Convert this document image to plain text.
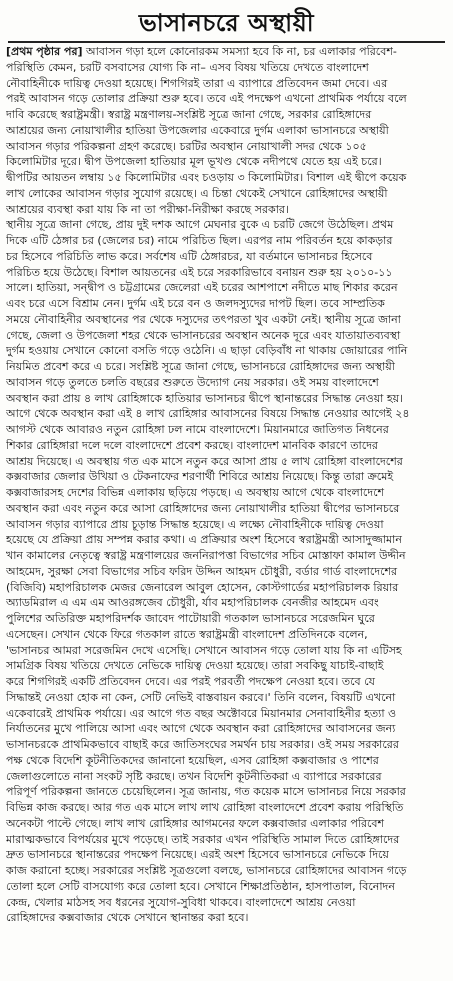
ভাসানচরে অস্থায়ী
[প্রথম পৃষ্ঠার পর] আবাসন গড়া হলে কোনোরকম সমস্যা হবে কি না, চর এলাকার পরিবেশ-
পরিস্থিতি কেমন, চরটি বসবাসের যোগ্য কি না– এসব বিষয় খতিয়ে দেখতে বাংলাদেশ
নৌবাহিনীকে দায়িত্ব দেওয়া হয়েছে। শিগগিরই তারা এ ব্যাপারে প্রতিবেদন জমা দেবে। এর
পরই আবাসন গড়ে তোলার প্রক্রিয়া শুরু হবে। তবে এই পদক্ষেপ এখনো প্রাথমিক পর্যায়ে বলে
দাবি করেছে স্বরাষ্ট্রমন্ত্রী। স্বরাষ্ট্র মন্ত্রণালয়-সংশ্লিষ্ট সূত্রে জানা গেছে, সরকার রোহিঙ্গাদের
আশ্রয়ের জন্য নোয়াখালীর হাতিয়া উপজেলার একেবারে দুর্গম এলাকা ভাসানচরে অস্থায়ী
আবাসন গড়ার পরিকল্পনা গ্রহণ করেছে। চরটির অবস্থান নোয়াখালী সদর থেকে ১০৫
কিলোমিটার দূরে। দ্বীপ উপজেলা হাতিয়ার মূল ভূখণ্ড থেকে নদীপথে যেতে হয় এই চরে।
দ্বীপটির আয়তন লম্বায় ১৫ কিলোমিটার এবং চওড়ায় ৩ কিলোমিটার। বিশাল এই দ্বীপে কয়েক
লাখ লোকের আবাসন গড়ার সুযোগ রয়েছে। এ চিন্তা থেকেই সেখানে রোহিঙ্গাদের অস্থায়ী
আশ্রয়ের ব্যবস্থা করা যায় কি না তা পরীক্ষা-নিরীক্ষা করছে সরকার।
স্থানীয় সূত্রে জানা গেছে, প্রায় দুই দশক আগে মেঘনার বুকে এ চরটি জেগে উঠেছিল। প্রথম
দিকে এটি ঠেঙ্গার চর (জেলের চর) নামে পরিচিত ছিল। এরপর নাম পরিবর্তন হয়ে কাকড়ার
চর হিসেবে পরিচিতি লাভ করে। সর্বশেষ এটি ঠেঙ্গারচর, যা বর্তমানে ভাসানচর হিসেবে
পরিচিত হয়ে উঠেছে। বিশাল আয়তনের এই চরে সরকারিভাবে বনায়ন শুরু হয় ২০১০-১১
সালে। হাতিয়া, সন্দ্বীপ ও চট্টগ্রামের জেলেরা এই চরের আশপাশে নদীতে মাছ শিকার করেন
এবং চরে এসে বিশ্রাম নেন। দুর্গম এই চরে বন ও জলদস্যুদের দাপট ছিল। তবে সাম্প্রতিক
সময়ে নৌবাহিনীর অবস্থানের পর থেকে দস্যুদের তৎপরতা খুব একটা নেই। স্থানীয় সূত্রে জানা
গেছে, জেলা ও উপজেলা শহর থেকে ভাসানচরের অবস্থান অনেক দূরে এবং যাতায়াতব্যবস্থা
দুর্গম হওয়ায় সেখানে কোনো বসতি গড়ে ওঠেনি। এ ছাড়া বেড়িবাঁধ না থাকায় জোয়ারের পানি
নিয়মিত প্রবেশ করে এ চরে। সংশ্লিষ্ট সূত্রে জানা গেছে, ভাসানচরে রোহিঙ্গাদের জন্য অস্থায়ী
আবাসন গড়ে তুলতে চলতি বছরের শুরুতে উদ্যোগ নেয় সরকার। ওই সময় বাংলাদেশে
অবস্থান করা প্রায় ৪ লাখ রোহিঙ্গাকে হাতিয়ার ভাসানচর দ্বীপে স্থানান্তরের সিদ্ধান্ত নেওয়া হয়।
আগে থেকে অবস্থান করা এই ৪ লাখ রোহিঙ্গার আবাসনের বিষয়ে সিদ্ধান্ত নেওয়ার আগেই ২৪
আগস্ট থেকে আবারও নতুন রোহিঙ্গা ঢল নামে বাংলাদেশে। মিয়ানমারে জাতিগত নিধনের
শিকার রোহিঙ্গারা দলে দলে বাংলাদেশে প্রবেশ করছে। বাংলাদেশ মানবিক কারণে তাদের
আশ্রয় দিয়েছে। এ অবস্থায় গত এক মাসে নতুন করে আসা প্রায় ৫ লাখ রোহিঙ্গা বাংলাদেশের
কক্সবাজার জেলার উখিয়া ও টেকনাফের শরণার্থী শিবিরে আশ্রয় নিয়েছে। কিন্তু তারা ক্রমেই
কক্সবাজারসহ দেশের বিভিন্ন এলাকায় ছড়িয়ে পড়ছে। এ অবস্থায় আগে থেকে বাংলাদেশে
অবস্থান করা এবং নতুন করে আসা রোহিঙ্গাদের জন্য নোয়াখালীর হাতিয়া দ্বীপের ভাসানচরে
আবাসন গড়ার ব্যাপারে প্রায় চূড়ান্ত সিদ্ধান্ত হয়েছে। এ লক্ষ্যে নৌবাহিনীকে দায়িত্ব দেওয়া
হয়েছে যে প্রক্রিয়া প্রায় সম্পন্ন করার কথা। এ প্রক্রিয়ার অংশ হিসেবে স্বরাষ্ট্রমন্ত্রী আসাদুজ্জামান
খান কামালের নেতৃত্বে স্বরাষ্ট্র মন্ত্রণালয়ের জননিরাপত্তা বিভাগের সচিব মোস্তাফা কামাল উদ্দীন
আহমেদ, সুরক্ষা সেবা বিভাগের সচিব ফরিদ উদ্দিন আহমদ চৌধুরী, বর্ডার গার্ড বাংলাদেশের
(বিজিবি) মহাপরিচালক মেজর জেনারেল আবুল হোসেন, কোস্টগার্ডের মহাপরিচালক রিয়ার
অ্যাডমিরাল এ এম এম আওরঙ্গজেব চৌধুরী, র্যাব মহাপরিচালক বেনজীর আহমেদ এবং
পুলিশের অতিরিক্ত মহাপরিদর্শক জাবেদ পাটোয়ারী গতকাল ভাসানচরে সরেজমিন ঘুরে
এসেছেন। সেখান থেকে ফিরে গতকাল রাতে স্বরাষ্ট্রমন্ত্রী বাংলাদেশ প্রতিদিনকে বলেন,
'ভাসানচর আমরা সরেজমিন দেখে এসেছি। সেখানে আবাসন গড়ে তোলা যায় কি না এটিসহ
সামগ্রিক বিষয় খতিয়ে দেখতে নেভিকে দায়িত্ব দেওয়া হয়েছে। তারা সবকিছু যাচাই-বাছাই
করে শিগগিরই একটি প্রতিবেদন দেবে। এর পরই পরবর্তী পদক্ষেপ নেওয়া হবে। তবে যে
সিদ্ধান্তই নেওয়া হোক না কেন, সেটি নেভিই বাস্তবায়ন করবে।' তিনি বলেন, বিষয়টি এখনো
একেবারেই প্রাথমিক পর্যায়ে। এর আগে গত বছর অক্টোবরে মিয়ানমার সেনাবাহিনীর হত্যা ও
নির্যাতনের মুখে পালিয়ে আসা এবং আগে থেকে অবস্থান করা রোহিঙ্গাদের আবাসনের জন্য
ভাসানচরকে প্রাথমিকভাবে বাছাই করে জাতিসংঘের সমর্থন চায় সরকার। ওই সময় সরকারের
পক্ষ থেকে বিদেশি কূটনীতিকদের জানানো হয়েছিল, এসব রোহিঙ্গা কক্সবাজার ও পাশের
জেলাগুলোতে নানা সংকট সৃষ্টি করছে। তখন বিদেশি কূটনীতিকরা এ ব্যাপারে সরকারের
পরিপূর্ণ পরিকল্পনা জানতে চেয়েছিলেন। সূত্র জানায়, গত কয়েক মাসে ভাসানচর নিয়ে সরকার
বিভিন্ন কাজ করছে। আর গত এক মাসে লাখ লাখ রোহিঙ্গা বাংলাদেশে প্রবেশ করায় পরিস্থিতি
অনেকটা পাল্টে গেছে। লাখ লাখ রোহিঙ্গার আগমনের ফলে কক্সবাজার এলাকার পরিবেশ
মারাত্মকভাবে বিপর্যয়ের মুখে পড়েছে। তাই সরকার এখন পরিস্থিতি সামাল দিতে রোহিঙ্গাদের
দ্রুত ভাসানচরে স্থানান্তরের পদক্ষেপ নিয়েছে। এরই অংশ হিসেবে ভাসানচরে নেভিকে দিয়ে
কাজ করানো হচ্ছে। সরকারের সংশ্লিষ্ট সূত্রগুলো বলছে, ভাসানচরে রোহিঙ্গাদের আবাসন গড়ে
তোলা হলে সেটি বাসযোগ্য করে তোলা হবে। সেখানে শিক্ষাপ্রতিষ্ঠান, হাসপাতাল, বিনোদন
কেন্দ্র, খেলার মাঠসহ সব ধরনের সুযোগ-সুবিধা থাকবে। বাংলাদেশে আশ্রয় নেওয়া
রোহিঙ্গাদের কক্সবাজার থেকে সেখানে স্থানান্তর করা হবে।
